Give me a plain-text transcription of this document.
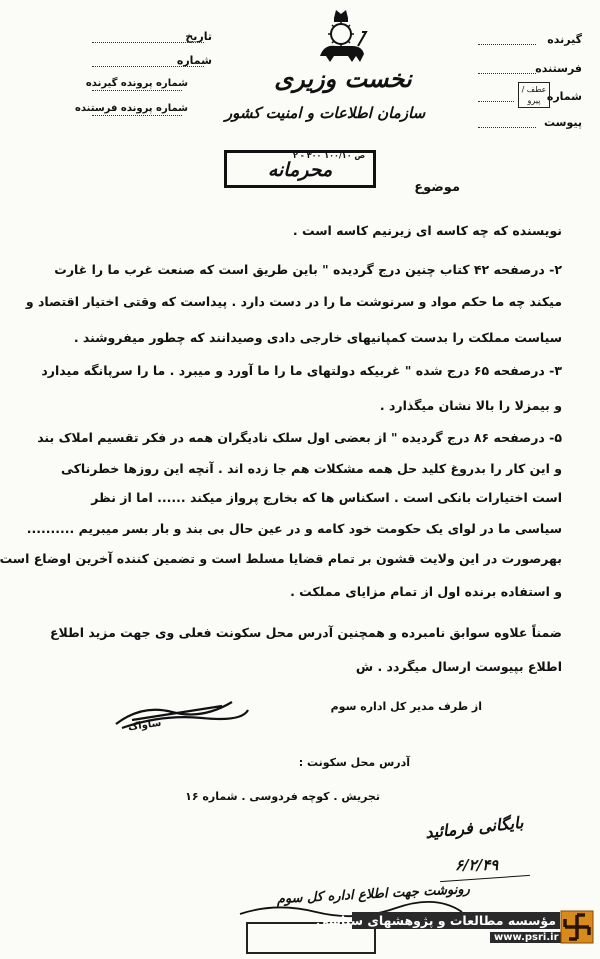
نخست وزیری
سازمان اطلاعات و امنیت کشور
گیرنده
فرستنده
شماره
عطف / پیرو
پیوست
تاریخ
شماره
شماره پرونده گیرنده
شماره پرونده فرستنده
ص ۱۰۰/۱۰ ۳۰۰ - ۲
محرمانه
موضوع
نویسنده که چه کاسه ای زیرنیم کاسه است .
۲- درصفحه ۴۲ کتاب چنین درج گردیده " باین طریق است که صنعت غرب ما را غارت
میکند چه ما حکم مواد و سرنوشت ما را در دست دارد . پیداست که وقتی اختیار اقتصاد و
سیاست مملکت را بدست کمپانیهای خارجی دادی وصیدانند که چطور میفروشند .
۳- درصفحه ۶۵ درج شده " غربیکه دولتهای ما را ما آورد و میبرد . ما را سرپانگه میدارد
و بیمزلا را بالا نشان میگذارد .
۵- درصفحه ۸۶ درج گردیده " از بعضی اول سلک نادیگران همه در فکر تقسیم املاک بند
و این کار را بدروغ کلید حل همه مشکلات هم جا زده اند . آنچه این روزها خطرناکی
است اختیارات بانکی است . اسکناس ها که بخارج پرواز میکند ...... اما از نظر
سیاسی ما در لوای یک حکومت خود کامه و در عین حال بی بند و بار بسر میبریم ..........
بهرصورت در این ولایت قشون بر تمام قضایا مسلط است و تضمین کننده آخرین اوضاع است
و استفاده برنده اول از تمام مزایای مملکت .
ضمناً علاوه سوابق نامبرده و همچنین آدرس محل سکونت فعلی وی جهت مزید اطلاع
اطلاع بپیوست ارسال میگردد . ش
از طرف مدیر کل اداره سوم
ساواک
آدرس محل سکونت :
تجریش . کوچه فردوسی . شماره ۱۶
بایگانی فرمائید
۶/۲/۴۹
رونوشت جهت اطلاع اداره کل سوم
مؤسسه مطالعات و پژوهشهای سیاسی
www.psri.ir
